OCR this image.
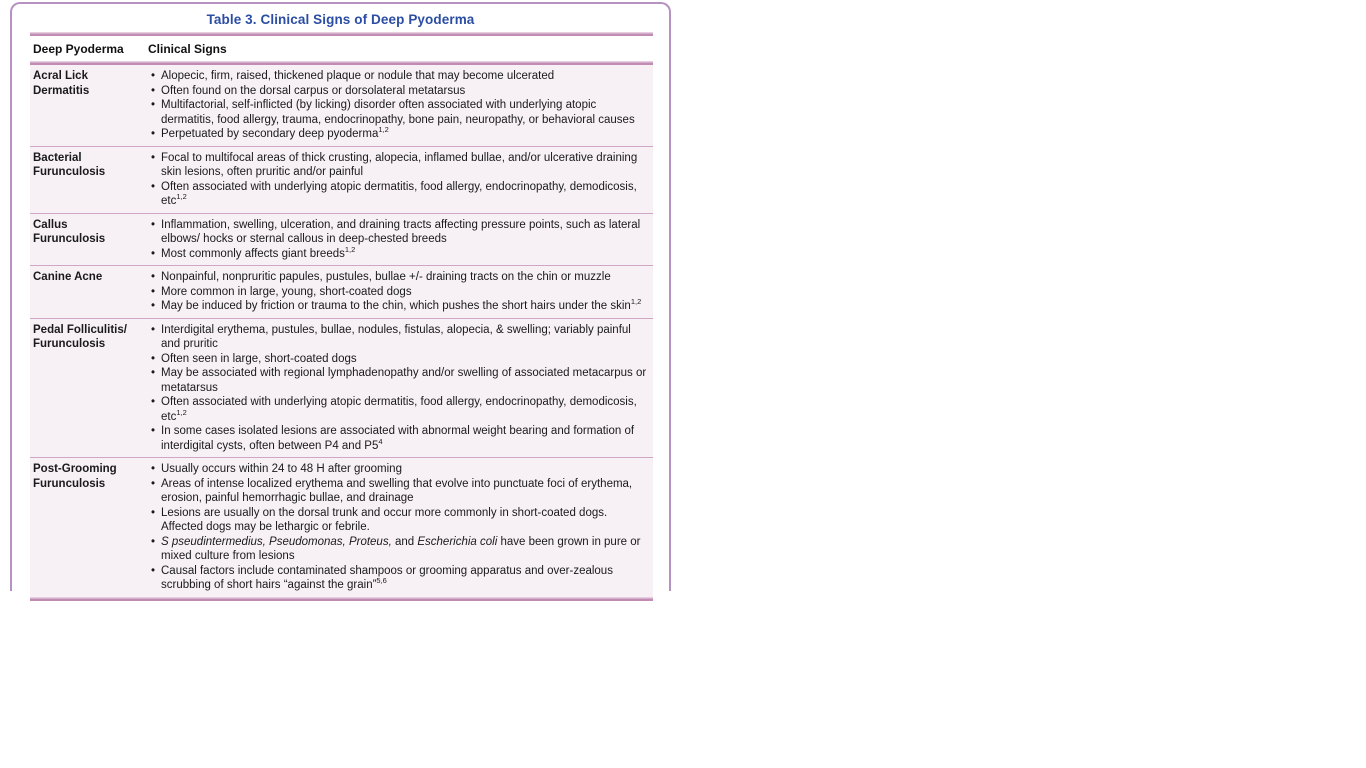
Table 3. Clinical Signs of Deep Pyoderma
Deep Pyoderma	Clinical Signs
Acral Lick Dermatitis
• Alopecic, firm, raised, thickened plaque or nodule that may become ulcerated
• Often found on the dorsal carpus or dorsolateral metatarsus
• Multifactorial, self-inflicted (by licking) disorder often associated with underlying atopic dermatitis, food allergy, trauma, endocrinopathy, bone pain, neuropathy, or behavioral causes
• Perpetuated by secondary deep pyoderma$^{1,2}$
Bacterial Furunculosis
• Focal to multifocal areas of thick crusting, alopecia, inflamed bullae, and/or ulcerative draining skin lesions, often pruritic and/or painful
• Often associated with underlying atopic dermatitis, food allergy, endocrinopathy, demodicosis, etc$^{1,2}$
Callus Furunculosis
• Inflammation, swelling, ulceration, and draining tracts affecting pressure points, such as lateral elbows/ hocks or sternal callous in deep-chested breeds
• Most commonly affects giant breeds$^{1,2}$
Canine Acne	• Nonpainful, nonpruritic papules, pustules, bullae +/- draining tracts on the chin or muzzle
• More common in large, young, short-coated dogs
• May be induced by friction or trauma to the chin, which pushes the short hairs under the skin$^{1,2}$
Pedal Folliculitis/ Furunculosis
• Interdigital erythema, pustules, bullae, nodules, fistulas, alopecia, & swelling; variably painful and pruritic
• Often seen in large, short-coated dogs
• May be associated with regional lymphadenopathy and/or swelling of associated metacarpus or metatarsus
• Often associated with underlying atopic dermatitis, food allergy, endocrinopathy, demodicosis, etc$^{1,2}$
• In some cases isolated lesions are associated with abnormal weight bearing and formation of interdigital cysts, often between P4 and $P5^4$
Post-Grooming Furunculosis
• Usually occurs within 24 to 48 H after grooming
• Areas of intense localized erythema and swelling that evolve into punctuate foci of erythema, erosion, painful hemorrhagic bullae, and drainage
• Lesions are usually on the dorsal trunk and occur more commonly in short-coated dogs. Affected dogs may be lethargic or febrile.
• S pseudintermedius, Pseudomonas, Proteus, and Escherichia coli have been grown in pure or mixed culture from lesions
• Causal factors include contaminated shampoos or grooming apparatus and over-zealous scrubbing of short hairs “against the grain”$^{5,6}$
